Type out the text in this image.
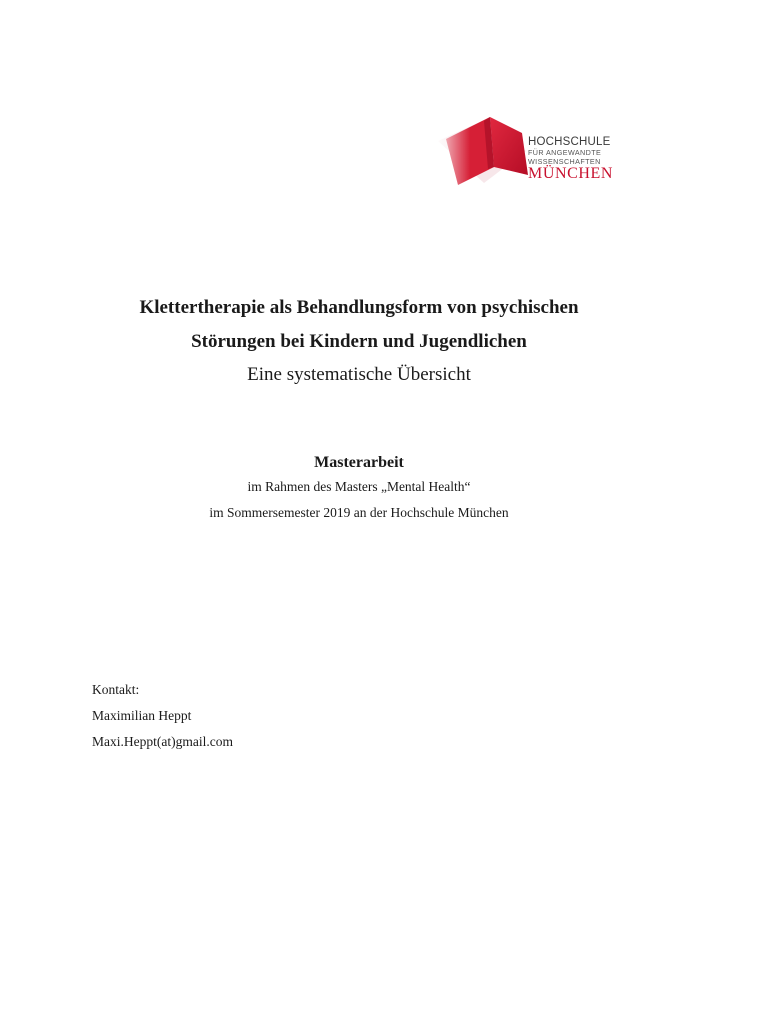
HOCHSCHULE
FÜR ANGEWANDTE
WISSENSCHAFTEN
MÜNCHEN
Klettertherapie als Behandlungsform von psychischen
Störungen bei Kindern und Jugendlichen
Eine systematische Übersicht
Masterarbeit
im Rahmen des Masters „Mental Health“
im Sommersemester 2019 an der Hochschule München
Kontakt:
Maximilian Heppt
Maxi.Heppt(at)gmail.com
